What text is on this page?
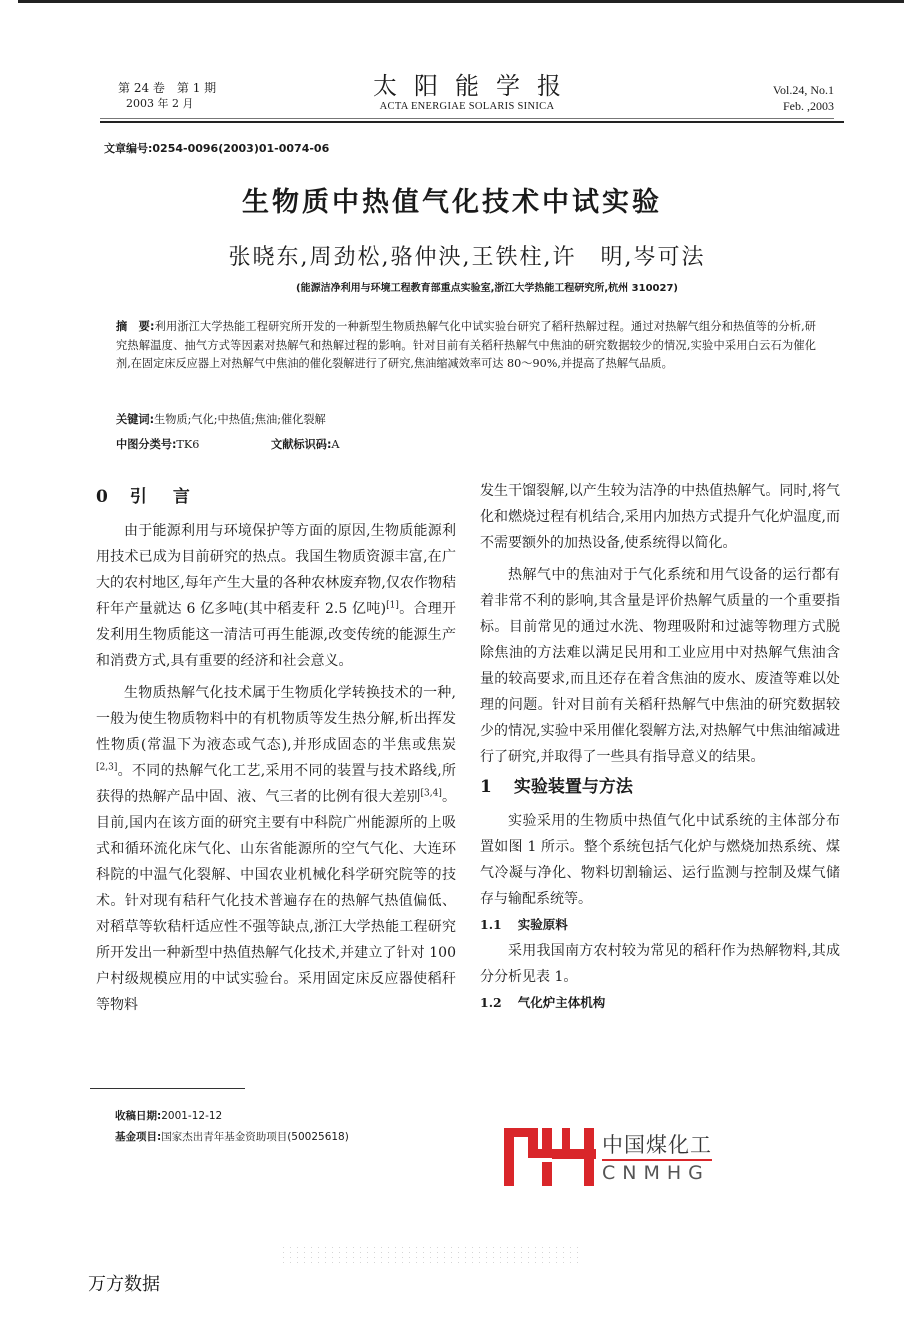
第 24 卷　第 1 期
2003 年 2 月
太阳能学报
ACTA ENERGIAE SOLARIS SINICA
Vol.24, No.1
Feb. ,2003
文章编号:0254-0096(2003)01-0074-06
生物质中热值气化技术中试实验
张晓东,周劲松,骆仲泱,王铁柱,许　明,岑可法
(能源洁净利用与环境工程教育部重点实验室,浙江大学热能工程研究所,杭州 310027)
摘　要:利用浙江大学热能工程研究所开发的一种新型生物质热解气化中试实验台研究了稻秆热解过程。通过对热解气组分和热值等的分析,研究热解温度、抽气方式等因素对热解气和热解过程的影响。针对目前有关稻秆热解气中焦油的研究数据较少的情况,实验中采用白云石为催化剂,在固定床反应器上对热解气中焦油的催化裂解进行了研究,焦油缩减效率可达 80～90%,并提高了热解气品质。
关键词:生物质;气化;中热值;焦油;催化裂解
中图分类号:TK6	文献标识码:A
0 引言

由于能源利用与环境保护等方面的原因,生物质能源利用技术已成为目前研究的热点。我国生物质资源丰富,在广大的农村地区,每年产生大量的各种农林废弃物,仅农作物秸秆年产量就达 6 亿多吨(其中稻麦秆 2.5 亿吨)[1]。合理开发利用生物质能这一清洁可再生能源,改变传统的能源生产和消费方式,具有重要的经济和社会意义。

生物质热解气化技术属于生物质化学转换技术的一种,一般为使生物质物料中的有机物质等发生热分解,析出挥发性物质(常温下为液态或气态),并形成固态的半焦或焦炭[2,3]。不同的热解气化工艺,采用不同的装置与技术路线,所获得的热解产品中固、液、气三者的比例有很大差别[3,4]。目前,国内在该方面的研究主要有中科院广州能源所的上吸式和循环流化床气化、山东省能源所的空气气化、大连环科院的中温气化裂解、中国农业机械化科学研究院等的技术。针对现有秸秆气化技术普遍存在的热解气热值偏低、对稻草等软秸杆适应性不强等缺点,浙江大学热能工程研究所开发出一种新型中热值热解气化技术,并建立了针对 100 户村级规模应用的中试实验台。采用固定床反应器使稻秆等物料

发生干馏裂解,以产生较为洁净的中热值热解气。同时,将气化和燃烧过程有机结合,采用内加热方式提升气化炉温度,而不需要额外的加热设备,使系统得以简化。

热解气中的焦油对于气化系统和用气设备的运行都有着非常不利的影响,其含量是评价热解气质量的一个重要指标。目前常见的通过水洗、物理吸附和过滤等物理方式脱除焦油的方法难以满足民用和工业应用中对热解气焦油含量的较高要求,而且还存在着含焦油的废水、废渣等难以处理的问题。针对目前有关稻秆热解气中焦油的研究数据较少的情况,实验中采用催化裂解方法,对热解气中焦油缩减进行了研究,并取得了一些具有指导意义的结果。

1 实验装置与方法

实验采用的生物质中热值气化中试系统的主体部分布置如图 1 所示。整个系统包括气化炉与燃烧加热系统、煤气冷凝与净化、物料切割输运、运行监测与控制及煤气储存与输配系统等。

1.1 实验原料

采用我国南方农村较为常见的稻秆作为热解物料,其成分分析见表 1。

1.2 气化炉主体机构
收稿日期:2001-12-12
基金项目:国家杰出青年基金资助项目(50025618)	中国煤化工
CNMHG
万方数据
